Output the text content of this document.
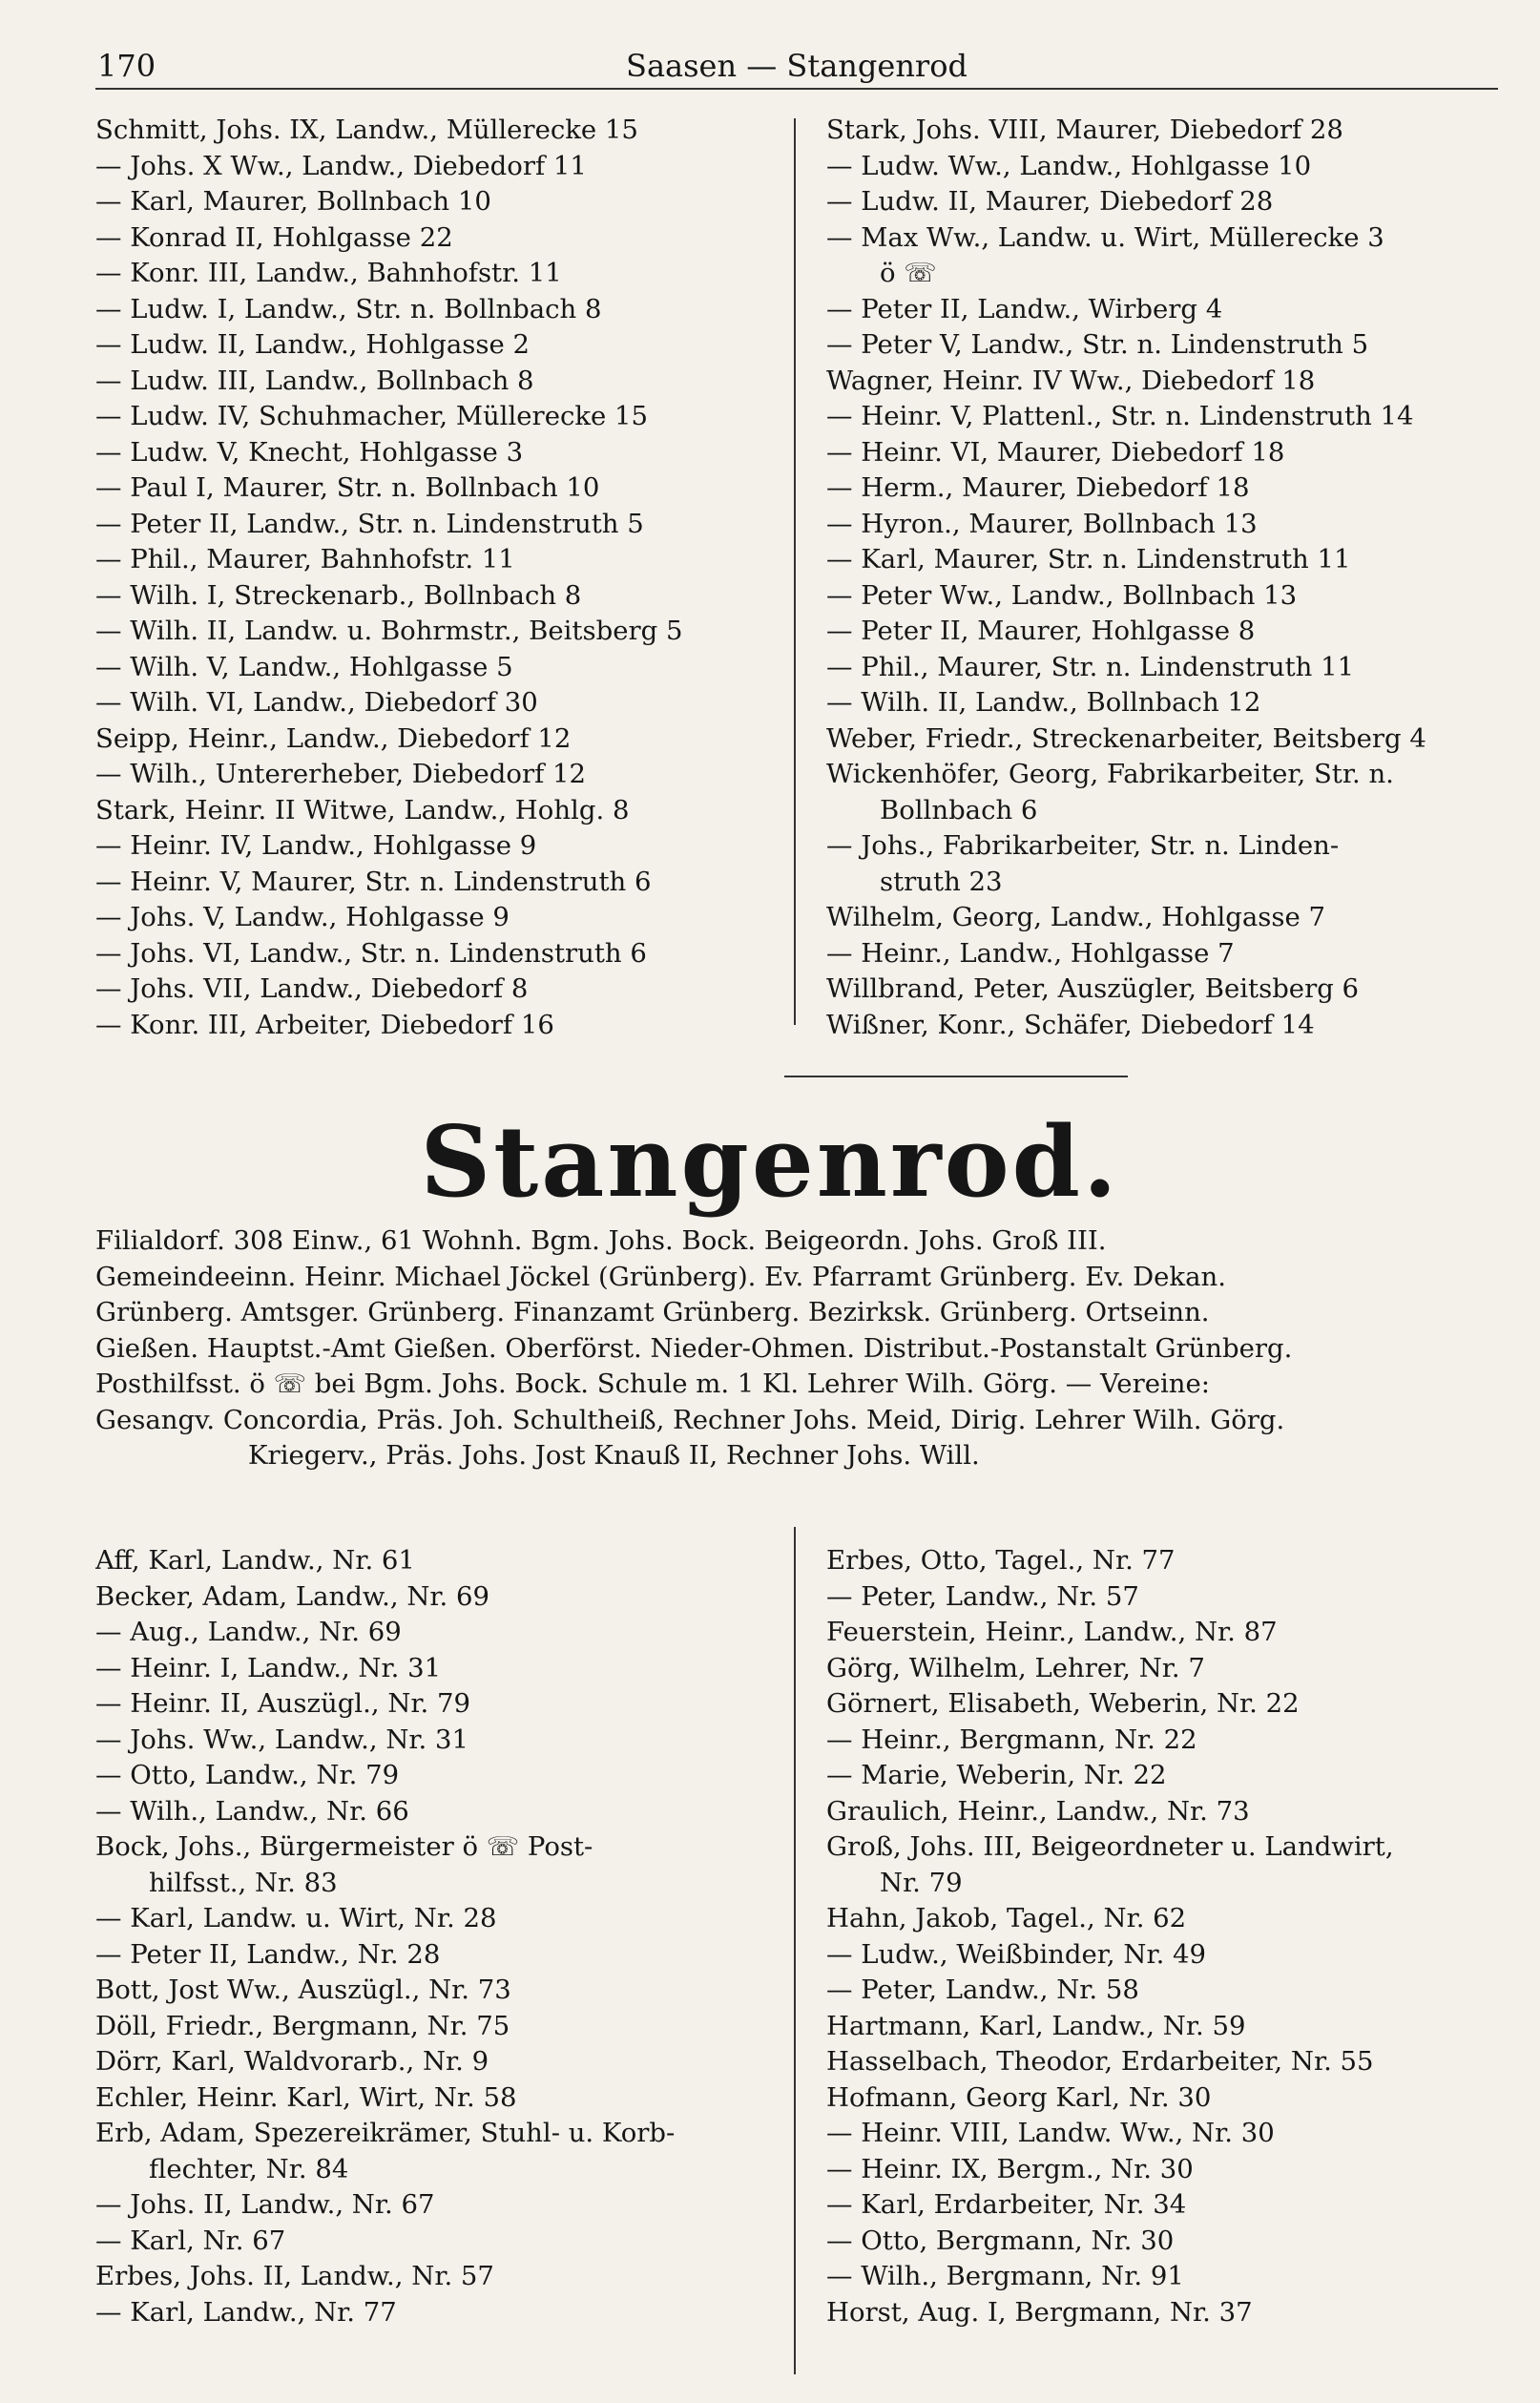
170	Saasen — Stangenrod
Schmitt, Johs. IX, Landw., Müllerecke 15
— Johs. X Ww., Landw., Diebedorf 11
— Karl, Maurer, Bollnbach 10
— Konrad II, Hohlgasse 22
— Konr. III, Landw., Bahnhofstr. 11
— Ludw. I, Landw., Str. n. Bollnbach 8
— Ludw. II, Landw., Hohlgasse 2
— Ludw. III, Landw., Bollnbach 8
— Ludw. IV, Schuhmacher, Müllerecke 15
— Ludw. V, Knecht, Hohlgasse 3
— Paul I, Maurer, Str. n. Bollnbach 10
— Peter II, Landw., Str. n. Lindenstruth 5
— Phil., Maurer, Bahnhofstr. 11
— Wilh. I, Streckenarb., Bollnbach 8
— Wilh. II, Landw. u. Bohrmstr., Beitsberg 5
— Wilh. V, Landw., Hohlgasse 5
— Wilh. VI, Landw., Diebedorf 30
Seipp, Heinr., Landw., Diebedorf 12
— Wilh., Untererheber, Diebedorf 12
Stark, Heinr. II Witwe, Landw., Hohlg. 8
— Heinr. IV, Landw., Hohlgasse 9
— Heinr. V, Maurer, Str. n. Lindenstruth 6
— Johs. V, Landw., Hohlgasse 9
— Johs. VI, Landw., Str. n. Lindenstruth 6
— Johs. VII, Landw., Diebedorf 8
— Konr. III, Arbeiter, Diebedorf 16
Stark, Johs. VIII, Maurer, Diebedorf 28
— Ludw. Ww., Landw., Hohlgasse 10
— Ludw. II, Maurer, Diebedorf 28
— Max Ww., Landw. u. Wirt, Müllerecke 3
ö ☏
— Peter II, Landw., Wirberg 4
— Peter V, Landw., Str. n. Lindenstruth 5
Wagner, Heinr. IV Ww., Diebedorf 18
— Heinr. V, Plattenl., Str. n. Lindenstruth 14
— Heinr. VI, Maurer, Diebedorf 18
— Herm., Maurer, Diebedorf 18
— Hyron., Maurer, Bollnbach 13
— Karl, Maurer, Str. n. Lindenstruth 11
— Peter Ww., Landw., Bollnbach 13
— Peter II, Maurer, Hohlgasse 8
— Phil., Maurer, Str. n. Lindenstruth 11
— Wilh. II, Landw., Bollnbach 12
Weber, Friedr., Streckenarbeiter, Beitsberg 4
Wickenhöfer, Georg, Fabrikarbeiter, Str. n.
Bollnbach 6
— Johs., Fabrikarbeiter, Str. n. Linden-
struth 23
Wilhelm, Georg, Landw., Hohlgasse 7
— Heinr., Landw., Hohlgasse 7
Willbrand, Peter, Auszügler, Beitsberg 6
Wißner, Konr., Schäfer, Diebedorf 14
Stangenrod.
Filialdorf. 308 Einw., 61 Wohnh. Bgm. Johs. Bock. Beigeordn. Johs. Groß III.
Gemeindeeinn. Heinr. Michael Jöckel (Grünberg). Ev. Pfarramt Grünberg. Ev. Dekan.
Grünberg. Amtsger. Grünberg. Finanzamt Grünberg. Bezirksk. Grünberg. Ortseinn.
Gießen. Hauptst.-Amt Gießen. Oberförst. Nieder-Ohmen. Distribut.-Postanstalt Grünberg.
Posthilfsst. ö ☏ bei Bgm. Johs. Bock. Schule m. 1 Kl. Lehrer Wilh. Görg. — Vereine:
Gesangv. Concordia, Präs. Joh. Schultheiß, Rechner Johs. Meid, Dirig. Lehrer Wilh. Görg.
Kriegerv., Präs. Johs. Jost Knauß II, Rechner Johs. Will.
Aff, Karl, Landw., Nr. 61
Becker, Adam, Landw., Nr. 69
— Aug., Landw., Nr. 69
— Heinr. I, Landw., Nr. 31
— Heinr. II, Auszügl., Nr. 79
— Johs. Ww., Landw., Nr. 31
— Otto, Landw., Nr. 79
— Wilh., Landw., Nr. 66
Bock, Johs., Bürgermeister ö ☏ Post-
hilfsst., Nr. 83
— Karl, Landw. u. Wirt, Nr. 28
— Peter II, Landw., Nr. 28
Bott, Jost Ww., Auszügl., Nr. 73
Döll, Friedr., Bergmann, Nr. 75
Dörr, Karl, Waldvorarb., Nr. 9
Echler, Heinr. Karl, Wirt, Nr. 58
Erb, Adam, Spezereikrämer, Stuhl- u. Korb-
flechter, Nr. 84
— Johs. II, Landw., Nr. 67
— Karl, Nr. 67
Erbes, Johs. II, Landw., Nr. 57
— Karl, Landw., Nr. 77
Erbes, Otto, Tagel., Nr. 77
— Peter, Landw., Nr. 57
Feuerstein, Heinr., Landw., Nr. 87
Görg, Wilhelm, Lehrer, Nr. 7
Görnert, Elisabeth, Weberin, Nr. 22
— Heinr., Bergmann, Nr. 22
— Marie, Weberin, Nr. 22
Graulich, Heinr., Landw., Nr. 73
Groß, Johs. III, Beigeordneter u. Landwirt,
Nr. 79
Hahn, Jakob, Tagel., Nr. 62
— Ludw., Weißbinder, Nr. 49
— Peter, Landw., Nr. 58
Hartmann, Karl, Landw., Nr. 59
Hasselbach, Theodor, Erdarbeiter, Nr. 55
Hofmann, Georg Karl, Nr. 30
— Heinr. VIII, Landw. Ww., Nr. 30
— Heinr. IX, Bergm., Nr. 30
— Karl, Erdarbeiter, Nr. 34
— Otto, Bergmann, Nr. 30
— Wilh., Bergmann, Nr. 91
Horst, Aug. I, Bergmann, Nr. 37
